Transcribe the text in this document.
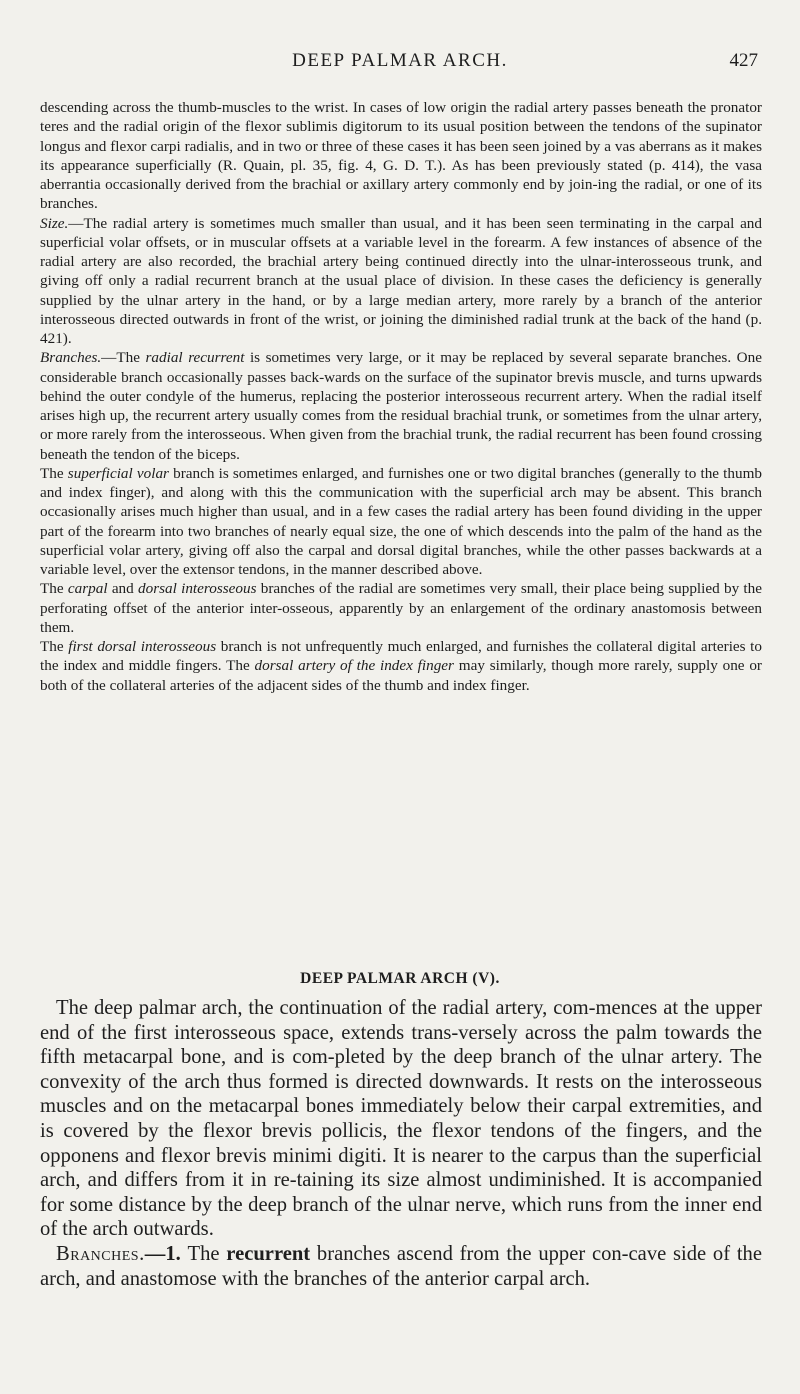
DEEP PALMAR ARCH.	427

descending across the thumb-muscles to the wrist. In cases of low origin the radial artery passes beneath the pronator teres and the radial origin of the flexor sublimis digitorum to its usual position between the tendons of the supinator longus and flexor carpi radialis, and in two or three of these cases it has been seen joined by a vas aberrans as it makes its appearance superficially (R. Quain, pl. 35, fig. 4, G. D. T.). As has been previously stated (p. 414), the vasa aberrantia occasionally derived from the brachial or axillary artery commonly end by join-ing the radial, or one of its branches.

Size.—The radial artery is sometimes much smaller than usual, and it has been seen terminating in the carpal and superficial volar offsets, or in muscular offsets at a variable level in the forearm. A few instances of absence of the radial artery are also recorded, the brachial artery being continued directly into the ulnar-interosseous trunk, and giving off only a radial recurrent branch at the usual place of division. In these cases the deficiency is generally supplied by the ulnar artery in the hand, or by a large median artery, more rarely by a branch of the anterior interosseous directed outwards in front of the wrist, or joining the diminished radial trunk at the back of the hand (p. 421).

Branches.—The radial recurrent is sometimes very large, or it may be replaced by several separate branches. One considerable branch occasionally passes back-wards on the surface of the supinator brevis muscle, and turns upwards behind the outer condyle of the humerus, replacing the posterior interosseous recurrent artery. When the radial itself arises high up, the recurrent artery usually comes from the residual brachial trunk, or sometimes from the ulnar artery, or more rarely from the interosseous. When given from the brachial trunk, the radial recurrent has been found crossing beneath the tendon of the biceps.

The superficial volar branch is sometimes enlarged, and furnishes one or two digital branches (generally to the thumb and index finger), and along with this the communication with the superficial arch may be absent. This branch occasionally arises much higher than usual, and in a few cases the radial artery has been found dividing in the upper part of the forearm into two branches of nearly equal size, the one of which descends into the palm of the hand as the superficial volar artery, giving off also the carpal and dorsal digital branches, while the other passes backwards at a variable level, over the extensor tendons, in the manner described above.

The carpal and dorsal interosseous branches of the radial are sometimes very small, their place being supplied by the perforating offset of the anterior inter-osseous, apparently by an enlargement of the ordinary anastomosis between them.

The first dorsal interosseous branch is not unfrequently much enlarged, and furnishes the collateral digital arteries to the index and middle fingers. The dorsal artery of the index finger may similarly, though more rarely, supply one or both of the collateral arteries of the adjacent sides of the thumb and index finger.

DEEP PALMAR ARCH (V).

The deep palmar arch, the continuation of the radial artery, com-mences at the upper end of the first interosseous space, extends trans-versely across the palm towards the fifth metacarpal bone, and is com-pleted by the deep branch of the ulnar artery. The convexity of the arch thus formed is directed downwards. It rests on the interosseous muscles and on the metacarpal bones immediately below their carpal extremities, and is covered by the flexor brevis pollicis, the flexor tendons of the fingers, and the opponens and flexor brevis minimi digiti. It is nearer to the carpus than the superficial arch, and differs from it in re-taining its size almost undiminished. It is accompanied for some distance by the deep branch of the ulnar nerve, which runs from the inner end of the arch outwards.

Branches.—1. The recurrent branches ascend from the upper con-cave side of the arch, and anastomose with the branches of the anterior carpal arch.
